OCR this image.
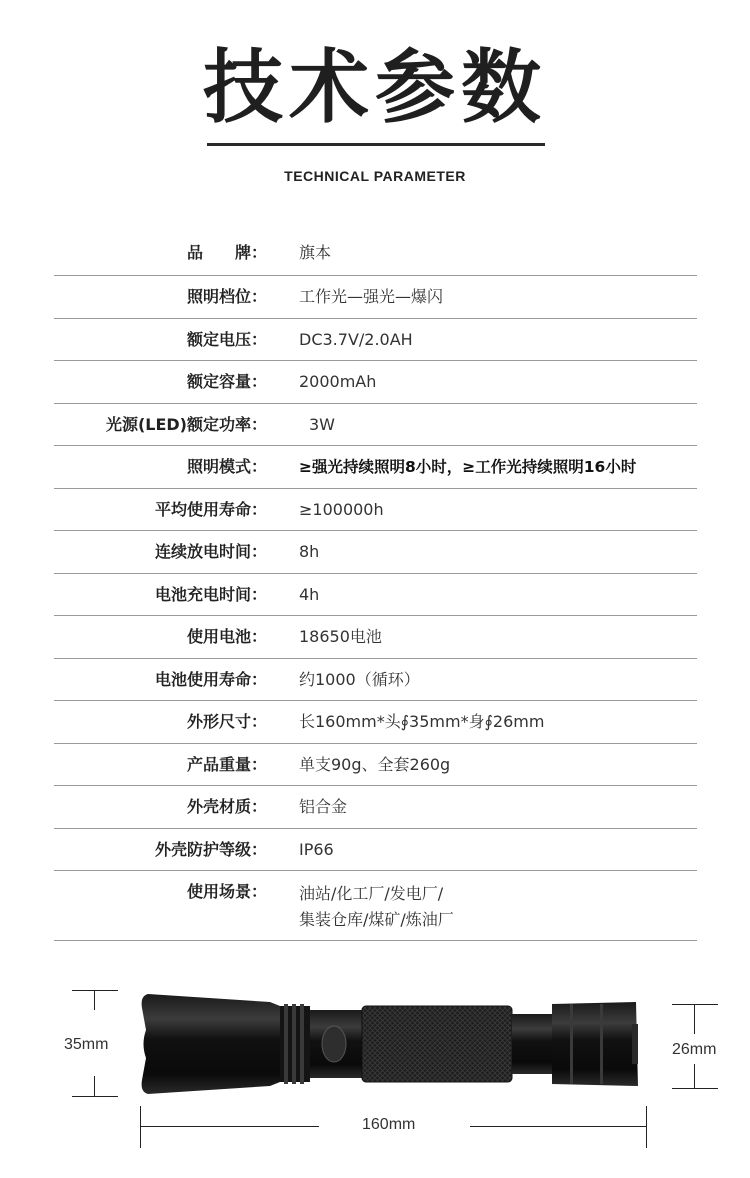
技术参数
TECHNICAL PARAMETER
品　　牌： 旗本
照明档位： 工作光—强光—爆闪
额定电压： DC3.7V/2.0AH
额定容量： 2000mAh
光源(LED)额定功率：	3W
照明模式： ≥强光持续照明8小时，≥工作光持续照明16小时
平均使用寿命： ≥100000h
连续放电时间： 8h
电池充电时间： 4h
使用电池： 18650电池
电池使用寿命： 约1000（循环）
外形尺寸： 长160mm*头∮35mm*身∮26mm
产品重量： 单支90g、全套260g
外壳材质： 铝合金
外壳防护等级： IP66
使用场景： 油站/化工厂/发电厂/
集装仓库/煤矿/炼油厂
35mm	26mm
160mm
